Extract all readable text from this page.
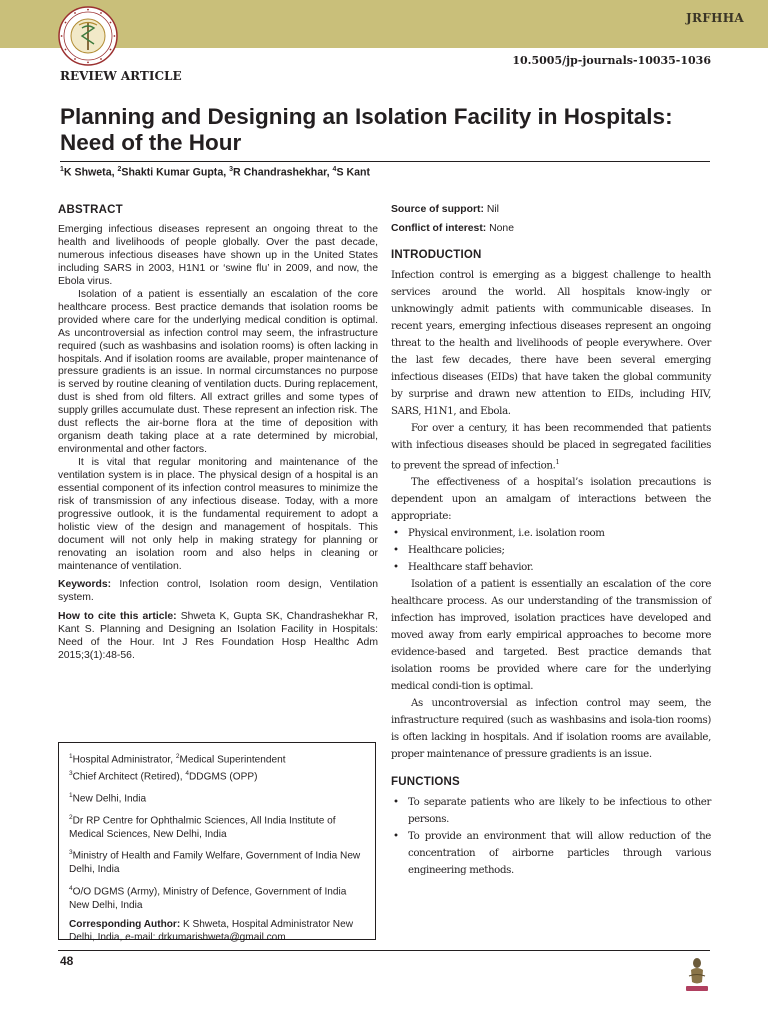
JRFHHA
10.5005/jp-journals-10035-1036
REVIEW ARTICLE
Planning and Designing an Isolation Facility in Hospitals:
Need of the Hour
$^1$K Shweta, $^2$Shakti Kumar Gupta, $^3$R Chandrashekhar, $^4$S Kant
ABSTRACT

Emerging infectious diseases represent an ongoing threat to the health and livelihoods of people globally. Over the past decade, numerous infectious diseases have shown up in the United States including SARS in 2003, H1N1 or ‘swine flu’ in 2009, and now, the Ebola virus.

Isolation of a patient is essentially an escalation of the core healthcare process. Best practice demands that isolation rooms be provided where care for the underlying medical condition is optimal. As uncontroversial as infection control may seem, the infrastructure required (such as washbasins and isolation rooms) is often lacking in hospitals. And if isolation rooms are available, proper maintenance of pressure gradients is an issue. In normal circumstances no purpose is served by routine cleaning of ventilation ducts. During replacement, dust is shed from old filters. All extract grilles and some types of supply grilles accumulate dust. These represent an infection risk. The dust reflects the air-borne flora at the time of deposition with organism death taking place at a rate determined by microbial, environmental and other factors.

It is vital that regular monitoring and maintenance of the ventilation system is in place. The physical design of a hospital is an essential component of its infection control measures to minimize the risk of transmission of any infectious disease. Today, with a more progressive outlook, it is the fundamental requirement to adopt a holistic view of the design and management of hospitals. This document will not only help in making strategy for planning or renovating an isolation room and also helps in cleaning or maintenance of ventilation.

Keywords: Infection control, Isolation room design, Ventilation system.
How to cite this article: Shweta K, Gupta SK, Chandrashekhar R, Kant S. Planning and Designing an Isolation Facility in Hospitals: Need of the Hour. Int J Res Foundation Hosp Healthc Adm 2015;3(1):48-56.

$^1$Hospital Administrator, $^2$Medical Superintendent

$^3$Chief Architect (Retired), $^4$DDGMS (OPP)

$^1$New Delhi, India

$^2$Dr RP Centre for Ophthalmic Sciences, All India Institute of Medical Sciences, New Delhi, India

$^3$Ministry of Health and Family Welfare, Government of India New Delhi, India

$^4$O/O DGMS (Army), Ministry of Defence, Government of India New Delhi, India

Corresponding Author: K Shweta, Hospital Administrator New Delhi, India, e-mail: drkumarishweta@gmail.com

Source of support: Nil
Conflict of interest: None
INTRODUCTION

Infection control is emerging as a biggest challenge to health services around the world. All hospitals know-ingly or unknowingly admit patients with communicable diseases. In recent years, emerging infectious diseases represent an ongoing threat to the health and livelihoods of people everywhere. Over the last few decades, there have been several emerging infectious diseases (EIDs) that have taken the global community by surprise and drawn new attention to EIDs, including HIV, SARS, H1N1, and Ebola.

For over a century, it has been recommended that patients with infectious diseases should be placed in segregated facilities to prevent the spread of infection.$^1$

The effectiveness of a hospital’s isolation precautions is dependent upon an amalgam of interactions between the appropriate:

• Physical environment, i.e. isolation room
• Healthcare policies;
• Healthcare staff behavior.

Isolation of a patient is essentially an escalation of the core healthcare process. As our understanding of the transmission of infection has improved, isolation practices have developed and moved away from early empirical approaches to become more evidence-based and targeted. Best practice demands that isolation rooms be provided where care for the underlying medical condi-tion is optimal.

As uncontroversial as infection control may seem, the infrastructure required (such as washbasins and isola-tion rooms) is often lacking in hospitals. And if isolation rooms are available, proper maintenance of pressure gradients is an issue.

FUNCTIONS
• To separate patients who are likely to be infectious to other persons.
• To provide an environment that will allow reduction of the concentration of airborne particles through various engineering methods.
48
